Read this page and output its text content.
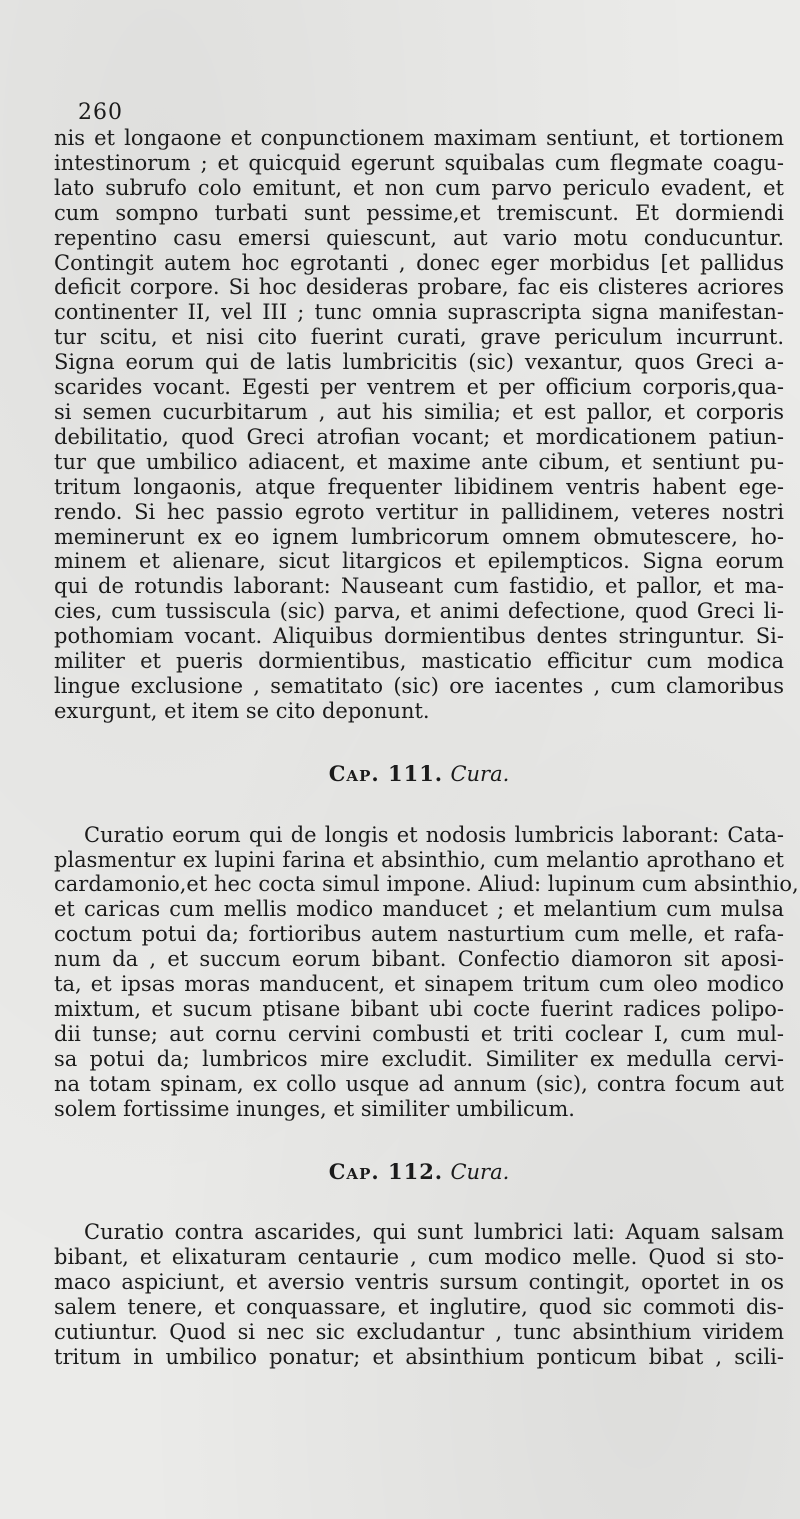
260
nis et longaone et conpunctionem maximam sentiunt, et tortionem
intestinorum ; et quicquid egerunt squibalas cum flegmate coagu-
lato subrufo colo emitunt, et non cum parvo periculo evadent, et
cum sompno turbati sunt pessime,et tremiscunt. Et dormiendi
repentino casu emersi quiescunt, aut vario motu conducuntur.
Contingit autem hoc egrotanti , donec eger morbidus [et pallidus
deficit corpore. Si hoc desideras probare, fac eis clisteres acriores
continenter II, vel III ; tunc omnia suprascripta signa manifestan-
tur scitu, et nisi cito fuerint curati, grave periculum incurrunt.
Signa eorum qui de latis lumbricitis (sic) vexantur, quos Greci a-
scarides vocant. Egesti per ventrem et per officium corporis,qua-
si semen cucurbitarum , aut his similia; et est pallor, et corporis
debilitatio, quod Greci atrofian vocant; et mordicationem patiun-
tur que umbilico adiacent, et maxime ante cibum, et sentiunt pu-
tritum longaonis, atque frequenter libidinem ventris habent ege-
rendo. Si hec passio egroto vertitur in pallidinem, veteres nostri
meminerunt ex eo ignem lumbricorum omnem obmutescere, ho-
minem et alienare, sicut litargicos et epilempticos. Signa eorum
qui de rotundis laborant: Nauseant cum fastidio, et pallor, et ma-
cies, cum tussiscula (sic) parva, et animi defectione, quod Greci li-
pothomiam vocant. Aliquibus dormientibus dentes stringuntur. Si-
militer et pueris dormientibus, masticatio efficitur cum modica
lingue exclusione , sematitato (sic) ore iacentes , cum clamoribus
exurgunt, et item se cito deponunt.
Cap. 111. Cura.
Curatio eorum qui de longis et nodosis lumbricis laborant: Cata-
plasmentur ex lupini farina et absinthio, cum melantio aprothano et
cardamonio,et hec cocta simul impone. Aliud: lupinum cum absinthio,
et caricas cum mellis modico manducet ; et melantium cum mulsa
coctum potui da; fortioribus autem nasturtium cum melle, et rafa-
num da , et succum eorum bibant. Confectio diamoron sit aposi-
ta, et ipsas moras manducent, et sinapem tritum cum oleo modico
mixtum, et sucum ptisane bibant ubi cocte fuerint radices polipo-
dii tunse; aut cornu cervini combusti et triti coclear I, cum mul-
sa potui da; lumbricos mire excludit. Similiter ex medulla cervi-
na totam spinam, ex collo usque ad annum (sic), contra focum aut
solem fortissime inunges, et similiter umbilicum.
Cap. 112. Cura.
Curatio contra ascarides, qui sunt lumbrici lati: Aquam salsam
bibant, et elixaturam centaurie , cum modico melle. Quod si sto-
maco aspiciunt, et aversio ventris sursum contingit, oportet in os
salem tenere, et conquassare, et inglutire, quod sic commoti dis-
cutiuntur. Quod si nec sic excludantur , tunc absinthium viridem
tritum in umbilico ponatur; et absinthium ponticum bibat , scili-
